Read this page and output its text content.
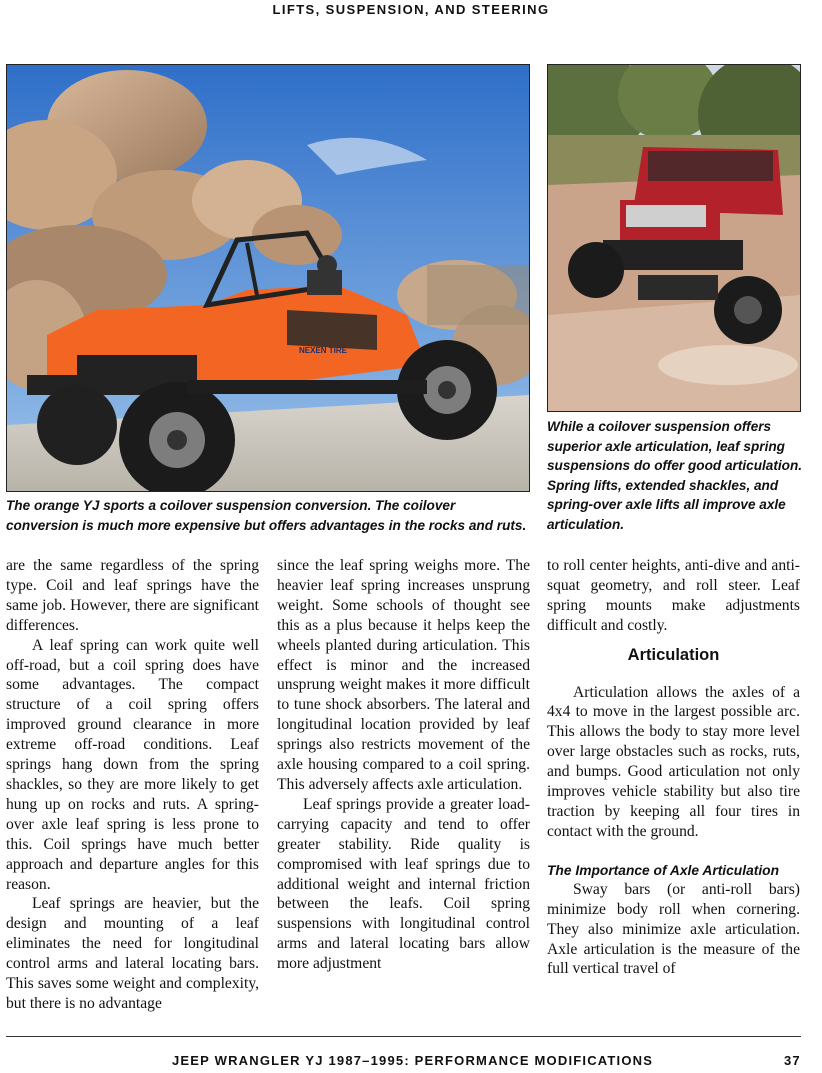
LIFTS, SUSPENSION, AND STEERING
NEXEN TIRE
The orange YJ sports a coilover suspension conversion. The coilover conversion is much more expensive but offers advantages in the rocks and ruts.
While a coilover suspension offers superior axle articulation, leaf spring suspensions do offer good articulation. Spring lifts, extended shackles, and spring-over axle lifts all improve axle articulation.

are the same regardless of the spring type. Coil and leaf springs have the same job. However, there are significant differences.

A leaf spring can work quite well off-road, but a coil spring does have some advantages. The compact structure of a coil spring offers improved ground clearance in more extreme off-road conditions. Leaf springs hang down from the spring shackles, so they are more likely to get hung up on rocks and ruts. A spring-over axle leaf spring is less prone to this. Coil springs have much better approach and departure angles for this reason.

Leaf springs are heavier, but the design and mounting of a leaf eliminates the need for longitudinal control arms and lateral locating bars. This saves some weight and complexity, but there is no advantage

since the leaf spring weighs more. The heavier leaf spring increases unsprung weight. Some schools of thought see this as a plus because it helps keep the wheels planted during articulation. This effect is minor and the increased unsprung weight makes it more difficult to tune shock absorbers. The lateral and longitudinal location provided by leaf springs also restricts movement of the axle housing compared to a coil spring. This adversely affects axle articulation.

Leaf springs provide a greater load-carrying capacity and tend to offer greater stability. Ride quality is compromised with leaf springs due to additional weight and internal friction between the leafs. Coil spring suspensions with longitudinal control arms and lateral locating bars allow more adjustment

to roll center heights, anti-dive and anti-squat geometry, and roll steer. Leaf spring mounts make adjustments difficult and costly.

Articulation

Articulation allows the axles of a 4x4 to move in the largest possible arc. This allows the body to stay more level over large obstacles such as rocks, ruts, and bumps. Good articulation not only improves vehicle stability but also tire traction by keeping all four tires in contact with the ground.

The Importance of Axle Articulation

Sway bars (or anti-roll bars) minimize body roll when cornering. They also minimize axle articulation. Axle articulation is the measure of the full vertical travel of

JEEP WRANGLER YJ 1987–1995: PERFORMANCE MODIFICATIONS	37
